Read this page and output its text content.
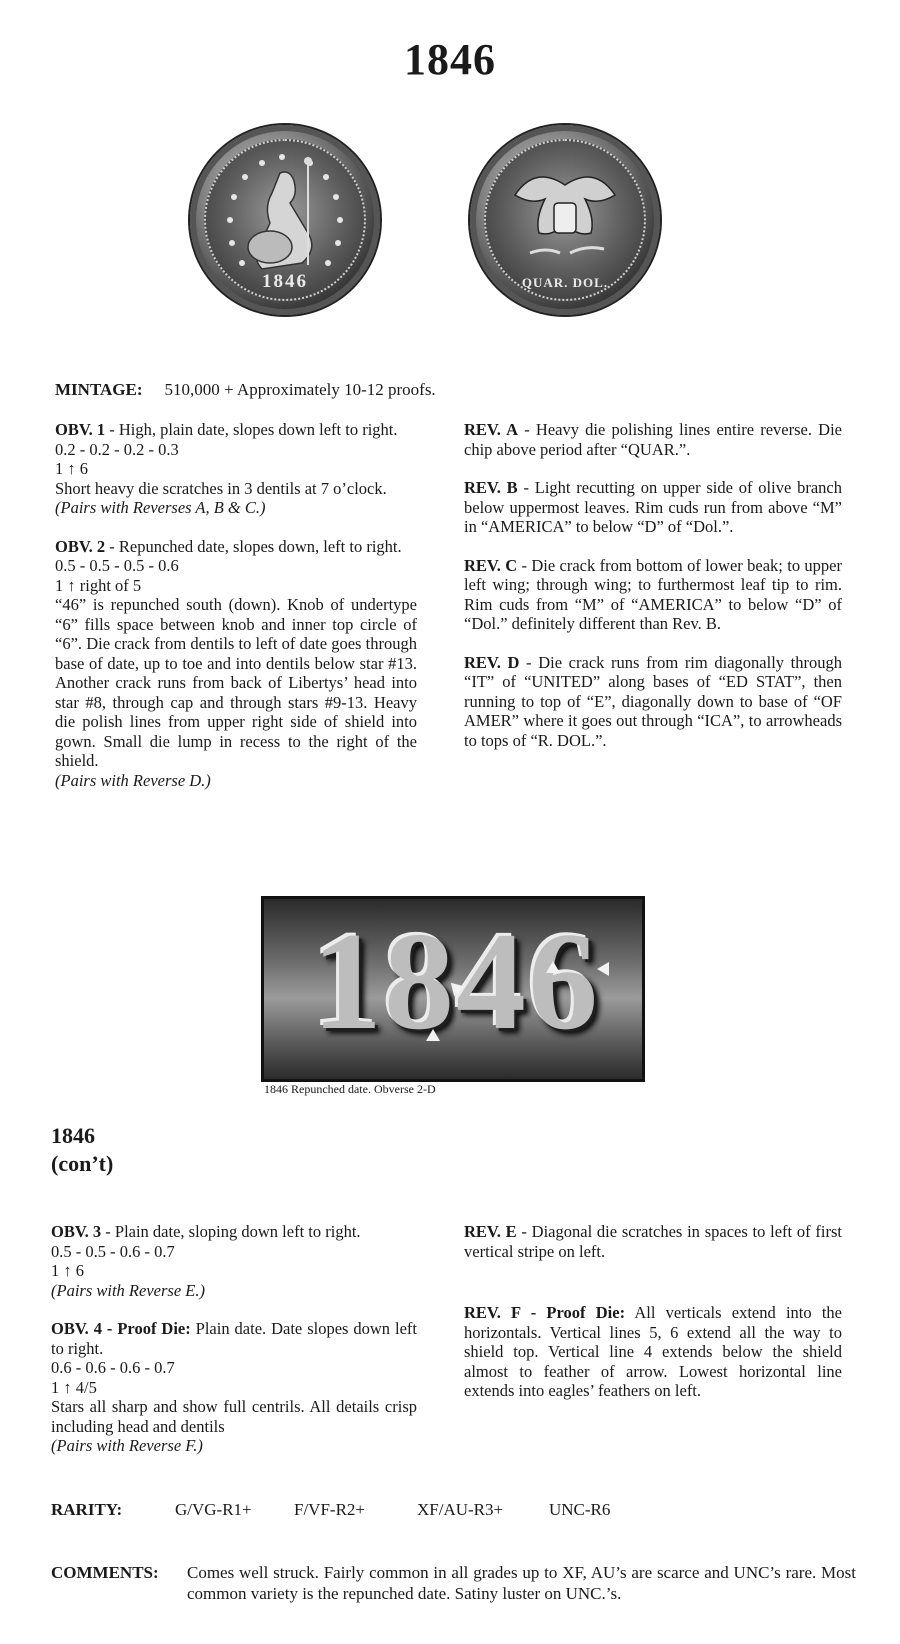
1846
1846	QUAR. DOL.
MINTAGE: 510,000 + Approximately 10-12 proofs.

OBV. 1 - High, plain date, slopes down left to right.

0.2 - 0.2 - 0.2 - 0.3

1 ↑ 6

Short heavy die scratches in 3 dentils at 7 o’clock.

(Pairs with Reverses A, B & C.)

OBV. 2 - Repunched date, slopes down, left to right.

0.5 - 0.5 - 0.5 - 0.6

1 ↑ right of 5

“46” is repunched south (down). Knob of undertype “6” fills space between knob and inner top circle of “6”. Die crack from dentils to left of date goes through base of date, up to toe and into dentils below star #13. Another crack runs from back of Libertys’ head into star #8, through cap and through stars #9-13. Heavy die polish lines from upper right side of shield into gown. Small die lump in recess to the right of the shield.

(Pairs with Reverse D.)

REV. A - Heavy die polishing lines entire reverse. Die chip above period after “QUAR.”.

REV. B - Light recutting on upper side of olive branch below uppermost leaves. Rim cuds run from above “M” in “AMERICA” to below “D” of “Dol.”.

REV. C - Die crack from bottom of lower beak; to upper left wing; through wing; to furthermost leaf tip to rim. Rim cuds from “M” of “AMERICA” to below “D” of “Dol.” definitely different than Rev. B.

REV. D - Die crack runs from rim diagonally through “IT” of “UNITED” along bases of “ED STAT”, then running to top of “E”, diagonally down to base of “OF AMER” where it goes out through “ICA”, to arrowheads to tops of “R. DOL.”.

1846
1846 Repunched date. Obverse 2-D
1846
(con’t)

OBV. 3 - Plain date, sloping down left to right.

0.5 - 0.5 - 0.6 - 0.7

1 ↑ 6

(Pairs with Reverse E.)

OBV. 4 - Proof Die: Plain date. Date slopes down left to right.

0.6 - 0.6 - 0.6 - 0.7

1 ↑ 4/5

Stars all sharp and show full centrils. All details crisp including head and dentils

(Pairs with Reverse F.)

REV. E - Diagonal die scratches in spaces to left of first vertical stripe on left.

REV. F - Proof Die: All verticals extend into the horizontals. Vertical lines 5, 6 extend all the way to shield top. Vertical line 4 extends below the shield almost to feather of arrow. Lowest horizontal line extends into eagles’ feathers on left.

RARITY:	G/VG-R1+ F/VF-R2+	XF/AU-R3+	UNC-R6
COMMENTS: Comes well struck. Fairly common in all grades up to XF, AU’s are scarce and UNC’s rare. Most common variety is the repunched date. Satiny luster on UNC.’s.
